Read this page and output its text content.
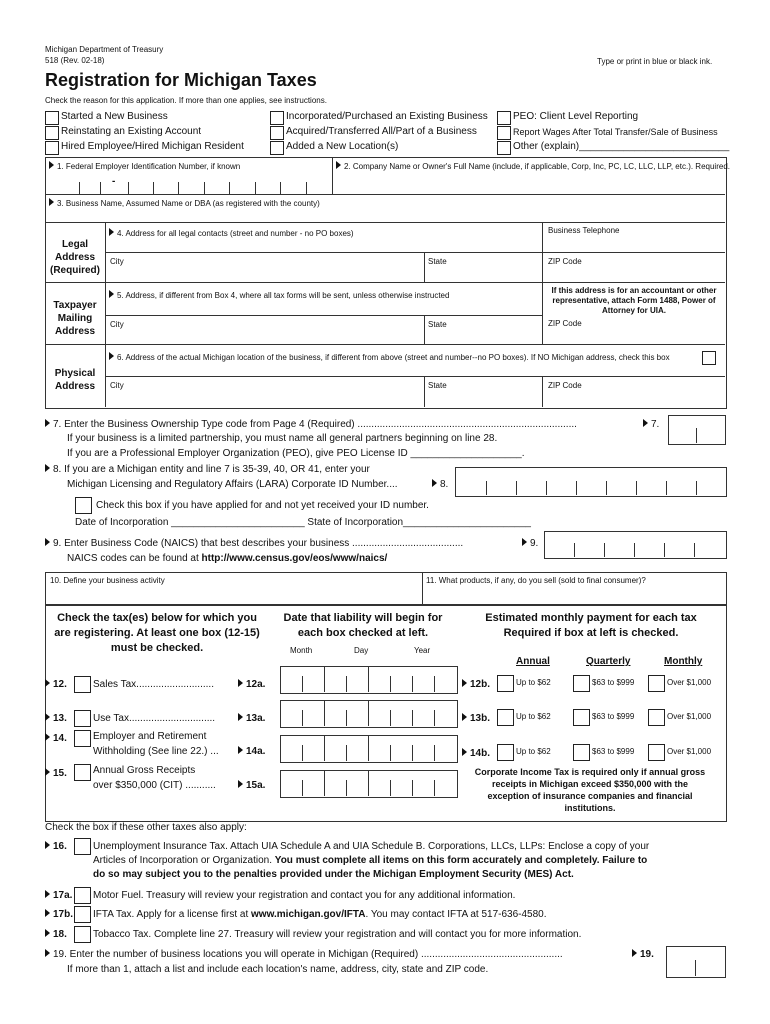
Michigan Department of Treasury
518 (Rev. 02-18)	Type or print in blue or black ink.
Registration for Michigan Taxes
Check the reason for this application. If more than one applies, see instructions.
Started a New Business
Reinstating an Existing Account
Hired Employee/Hired Michigan Resident
Incorporated/Purchased an Existing Business
Acquired/Transferred All/Part of a Business
Added a New Location(s)
PEO: Client Level Reporting
Report Wages After Total Transfer/Sale of Business
Other (explain)___________________________
1. Federal Employer Identification Number, if known	2. Company Name or Owner's Full Name (include, if applicable, Corp, Inc, PC, LC, LLC, LLP, etc.). Required.
-
3. Business Name, Assumed Name or DBA (as registered with the county)
Legal Address (Required)
4. Address for all legal contacts (street and number - no PO boxes)	Business Telephone
City	State	ZIP Code
Taxpayer Mailing Address
5. Address, if different from Box 4, where all tax forms will be sent, unless otherwise instructed
If this address is for an accountant or other representative, attach Form 1488, Power of Attorney for UIA.
City	State	ZIP Code
Physical Address
6. Address of the actual Michigan location of the business, if different from above (street and number--no PO boxes). If NO Michigan address, check this box
City	State	ZIP Code
7. Enter the Business Ownership Type code from Page 4 (Required) ...............................................................................	7.
If your business is a limited partnership, you must name all general partners beginning on line 28.
If you are a Professional Employer Organization (PEO), give PEO License ID ____________________.
8. If you are a Michigan entity and line 7 is 35-39, 40, OR 41, enter your
Michigan Licensing and Regulatory Affairs (LARA) Corporate ID Number....	8.
Check this box if you have applied for and not yet received your ID number.
Date of Incorporation ________________________ State of Incorporation_______________________
9. Enter Business Code (NAICS) that best describes your business ........................................	9.
NAICS codes can be found at http://www.census.gov/eos/www/naics/
10. Define your business activity	11. What products, if any, do you sell (sold to final consumer)?
Check the tax(es) below for which you are registering. At least one box (12-15) must be checked.
Date that liability will begin for each box checked at left.
Estimated monthly payment for each tax Required if box at left is checked.
Month	Day	Year
Annual	Quarterly	Monthly
12.	Sales Tax............................	12a.	12b.	Up to $62	$63 to $999	Over $1,000
13.	Use Tax...............................	13a.	13b.	Up to $62	$63 to $999	Over $1,000
14.	Employer and Retirement
Withholding (See line 22.) ...	14a.	14b.	Up to $62	$63 to $999	Over $1,000
15.	Annual Gross Receipts
over $350,000 (CIT) ...........	15a.
Corporate Income Tax is required only if annual gross receipts in Michigan exceed $350,000 with the exception of insurance companies and financial institutions.
Check the box if these other taxes also apply:
16.	Unemployment Insurance Tax. Attach UIA Schedule A and UIA Schedule B. Corporations, LLCs, LLPs: Enclose a copy of your
Articles of Incorporation or Organization. You must complete all items on this form accurately and completely. Failure to
do so may subject you to the penalties provided under the Michigan Employment Security (MES) Act.
17a. Motor Fuel. Treasury will review your registration and contact you for any additional information.
17b. IFTA Tax. Apply for a license first at www.michigan.gov/IFTA. You may contact IFTA at 517-636-4580.
18.	Tobacco Tax. Complete line 27. Treasury will review your registration and will contact you for more information.
19. Enter the number of business locations you will operate in Michigan (Required) ...................................................	19.
If more than 1, attach a list and include each location's name, address, city, state and ZIP code.
